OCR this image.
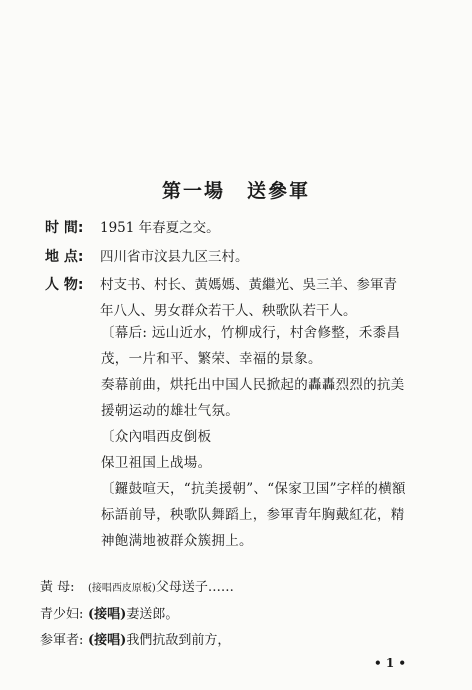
第一場 送參軍
时 間:	1951 年春夏之交。
地 点:	四川省市汶县九区三村。
人 物:	村支书、村长、黃媽媽、黃繼光、吳三羊、参軍青
年八人、男女群众若干人、秧歌队若干人。
〔幕后: 远山近水，竹柳成行，村舍修整，禾黍昌
茂，一片和平、繁荣、幸福的景象。
奏幕前曲，烘托出中国人民掀起的轟轟烈烈的抗美
援朝运动的雄壮气氛。
〔众內唱西皮倒板
保卫祖国上战場。
〔鑼鼓喧天，“抗美援朝”、“保家卫国”字样的横額
标語前导，秧歌队舞蹈上，参軍青年胸戴紅花，精
神飽满地被群众簇拥上。
黃 母:	(接唱西皮原板)父母送子……
青少妇: (接唱)妻送郎。
参軍者: (接唱)我們抗敌到前方，
• 1 •
